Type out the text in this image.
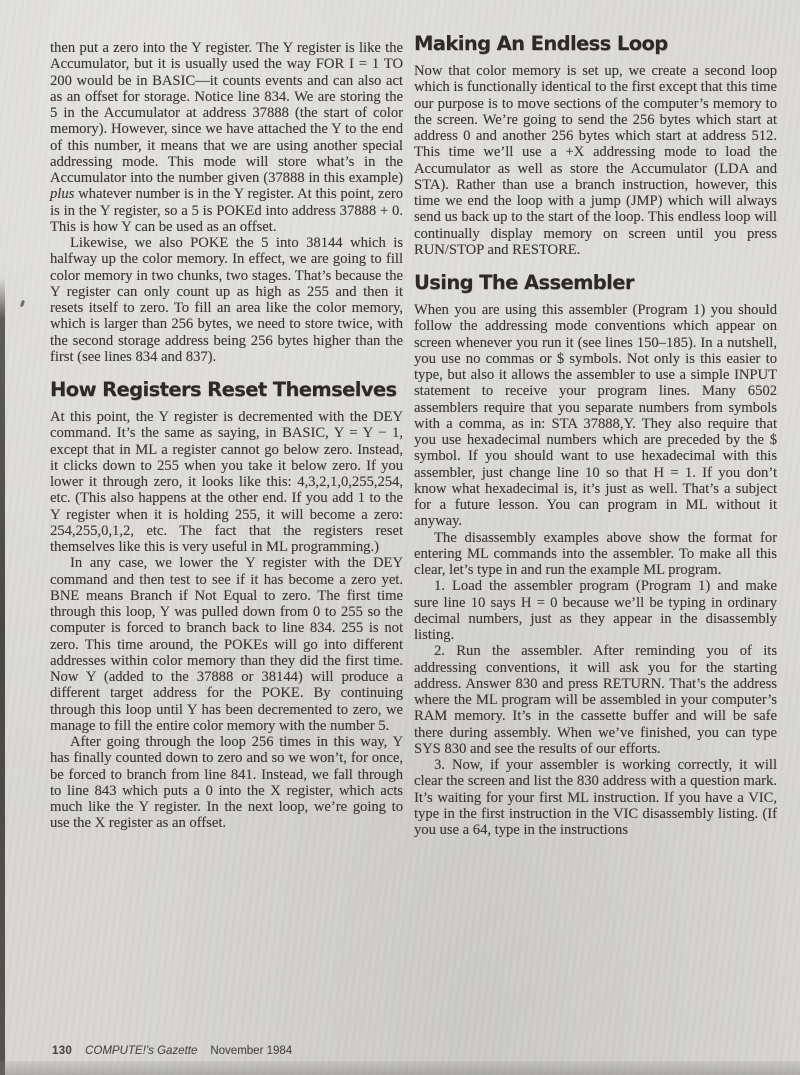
then put a zero into the Y register. The Y register is like the Accumulator, but it is usually used the way FOR I = 1 TO 200 would be in BASIC—it counts events and can also act as an offset for storage. Notice line 834. We are storing the 5 in the Accumulator at address 37888 (the start of color memory). However, since we have attached the Y to the end of this number, it means that we are using another special addressing mode. This mode will store what’s in the Accumulator into the number given (37888 in this example) plus whatever number is in the Y register. At this point, zero is in the Y register, so a 5 is POKEd into address 37888 + 0. This is how Y can be used as an offset.

Likewise, we also POKE the 5 into 38144 which is halfway up the color memory. In effect, we are going to fill color memory in two chunks, two stages. That’s because the Y register can only count up as high as 255 and then it resets itself to zero. To fill an area like the color memory, which is larger than 256 bytes, we need to store twice, with the second storage address being 256 bytes higher than the first (see lines 834 and 837).

How Registers Reset Themselves

At this point, the Y register is decremented with the DEY command. It’s the same as saying, in BASIC, Y = Y − 1, except that in ML a register cannot go below zero. Instead, it clicks down to 255 when you take it below zero. If you lower it through zero, it looks like this: 4,3,2,1,0,255,254, etc. (This also happens at the other end. If you add 1 to the Y register when it is holding 255, it will become a zero: 254,255,0,1,2, etc. The fact that the registers reset themselves like this is very useful in ML programming.)

In any case, we lower the Y register with the DEY command and then test to see if it has become a zero yet. BNE means Branch if Not Equal to zero. The first time through this loop, Y was pulled down from 0 to 255 so the computer is forced to branch back to line 834. 255 is not zero. This time around, the POKEs will go into different addresses within color memory than they did the first time. Now Y (added to the 37888 or 38144) will produce a different target address for the POKE. By continuing through this loop until Y has been decremented to zero, we manage to fill the entire color memory with the number 5.

After going through the loop 256 times in this way, Y has finally counted down to zero and so we won’t, for once, be forced to branch from line 841. Instead, we fall through to line 843 which puts a 0 into the X register, which acts much like the Y register. In the next loop, we’re going to use the X register as an offset.

Making An Endless Loop

Now that color memory is set up, we create a second loop which is functionally identical to the first except that this time our purpose is to move sections of the computer’s memory to the screen. We’re going to send the 256 bytes which start at address 0 and another 256 bytes which start at address 512. This time we’ll use a +X addressing mode to load the Accumulator as well as store the Accumulator (LDA and STA). Rather than use a branch instruction, however, this time we end the loop with a jump (JMP) which will always send us back up to the start of the loop. This endless loop will continually display memory on screen until you press RUN/STOP and RESTORE.

Using The Assembler

When you are using this assembler (Program 1) you should follow the addressing mode conventions which appear on screen whenever you run it (see lines 150–185). In a nutshell, you use no commas or $ symbols. Not only is this easier to type, but also it allows the assembler to use a simple INPUT statement to receive your program lines. Many 6502 assemblers require that you separate numbers from symbols with a comma, as in: STA 37888,Y. They also require that you use hexadecimal numbers which are preceded by the $ symbol. If you should want to use hexadecimal with this assembler, just change line 10 so that H = 1. If you don’t know what hexadecimal is, it’s just as well. That’s a subject for a future lesson. You can program in ML without it anyway.

The disassembly examples above show the format for entering ML commands into the assembler. To make all this clear, let’s type in and run the example ML program.

1. Load the assembler program (Program 1) and make sure line 10 says H = 0 because we’ll be typing in ordinary decimal numbers, just as they appear in the disassembly listing.

2. Run the assembler. After reminding you of its addressing conventions, it will ask you for the starting address. Answer 830 and press RETURN. That’s the address where the ML program will be assembled in your computer’s RAM memory. It’s in the cassette buffer and will be safe there during assembly. When we’ve finished, you can type SYS 830 and see the results of our efforts.

3. Now, if your assembler is working correctly, it will clear the screen and list the 830 address with a question mark. It’s waiting for your first ML instruction. If you have a VIC, type in the first instruction in the VIC disassembly listing. (If you use a 64, type in the instructions

130 COMPUTE!’s Gazette November 1984
